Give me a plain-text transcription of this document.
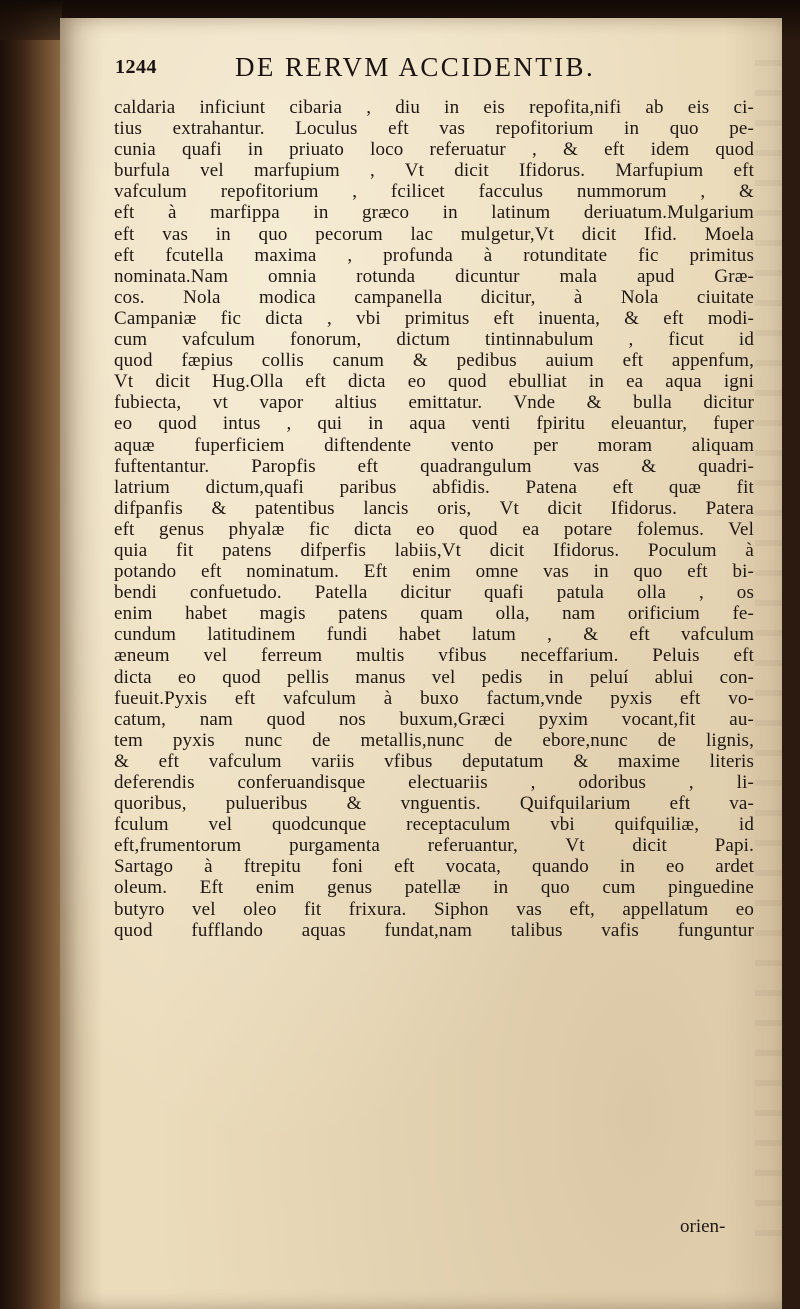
1244	DE RERVM ACCIDENTIB.
caldaria inficiunt cibaria , diu in eis repofita,nifi ab eis ci-
tius extrahantur. Loculus eft vas repofitorium in quo pe-
cunia quafi in priuato loco referuatur , & eft idem quod
burfula vel marfupium , Vt dicit Ifidorus. Marfupium eft
vafculum repofitorium , fcilicet facculus nummorum , &
eft à marfippa in græco in latinum deriuatum.Mulgarium
eft vas in quo pecorum lac mulgetur,Vt dicit Ifid. Moela
eft fcutella maxima , profunda à rotunditate fic primitus
nominata.Nam omnia rotunda dicuntur mala apud Græ-
cos. Nola modica campanella dicitur, à Nola ciuitate
Campaniæ fic dicta , vbi primitus eft inuenta, & eft modi-
cum vafculum fonorum, dictum tintinnabulum , ficut id
quod fæpius collis canum & pedibus auium eft appenfum,
Vt dicit Hug.Olla eft dicta eo quod ebulliat in ea aqua igni
fubiecta, vt vapor altius emittatur. Vnde & bulla dicitur
eo quod intus , qui in aqua venti fpiritu eleuantur, fuper
aquæ fuperficiem diftendente vento per moram aliquam
fuftentantur. Paropfis eft quadrangulum vas & quadri-
latrium dictum,quafi paribus abfidis. Patena eft quæ fit
difpanfis & patentibus lancis oris, Vt dicit Ifidorus. Patera
eft genus phyalæ fic dicta eo quod ea potare folemus. Vel
quia fit patens difperfis labiis,Vt dicit Ifidorus. Poculum à
potando eft nominatum. Eft enim omne vas in quo eft bi-
bendi confuetudo. Patella dicitur quafi patula olla , os
enim habet magis patens quam olla, nam orificium fe-
cundum latitudinem fundi habet latum , & eft vafculum
æneum vel ferreum multis vfibus neceffarium. Peluis eft
dicta eo quod pellis manus vel pedis in peluí ablui con-
fueuit.Pyxis eft vafculum à buxo factum,vnde pyxis eft vo-
catum, nam quod nos buxum,Græci pyxim vocant,fit au-
tem pyxis nunc de metallis,nunc de ebore,nunc de lignis,
& eft vafculum variis vfibus deputatum & maxime literis
deferendis conferuandisque electuariis , odoribus , li-
quoribus, pulueribus & vnguentis. Quifquilarium eft va-
fculum vel quodcunque receptaculum vbi quifquiliæ, id
eft,frumentorum purgamenta referuantur, Vt dicit Papi.
Sartago à ftrepitu foni eft vocata, quando in eo ardet
oleum. Eft enim genus patellæ in quo cum pinguedine
butyro vel oleo fit frixura. Siphon vas eft, appellatum eo
quod fufflando aquas fundat,nam talibus vafis funguntur
orien-
